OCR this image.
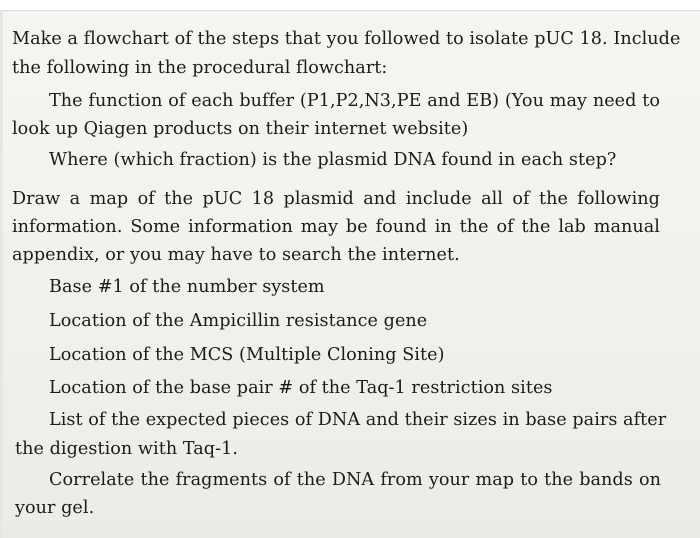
Make a flowchart of the steps that you followed to isolate pUC 18. Include

the following in the procedural flowchart:

The function of each buffer (P1,P2,N3,PE and EB) (You may need to

look up Qiagen products on their internet website)

Where (which fraction) is the plasmid DNA found in each step?

Draw a map of the pUC 18 plasmid and include all of the following

information. Some information may be found in the of the lab manual

appendix, or you may have to search the internet.

Base #1 of the number system

Location of the Ampicillin resistance gene

Location of the MCS (Multiple Cloning Site)

Location of the base pair # of the Taq-1 restriction sites

List of the expected pieces of DNA and their sizes in base pairs after

the digestion with Taq-1.

Correlate the fragments of the DNA from your map to the bands on

your gel.
